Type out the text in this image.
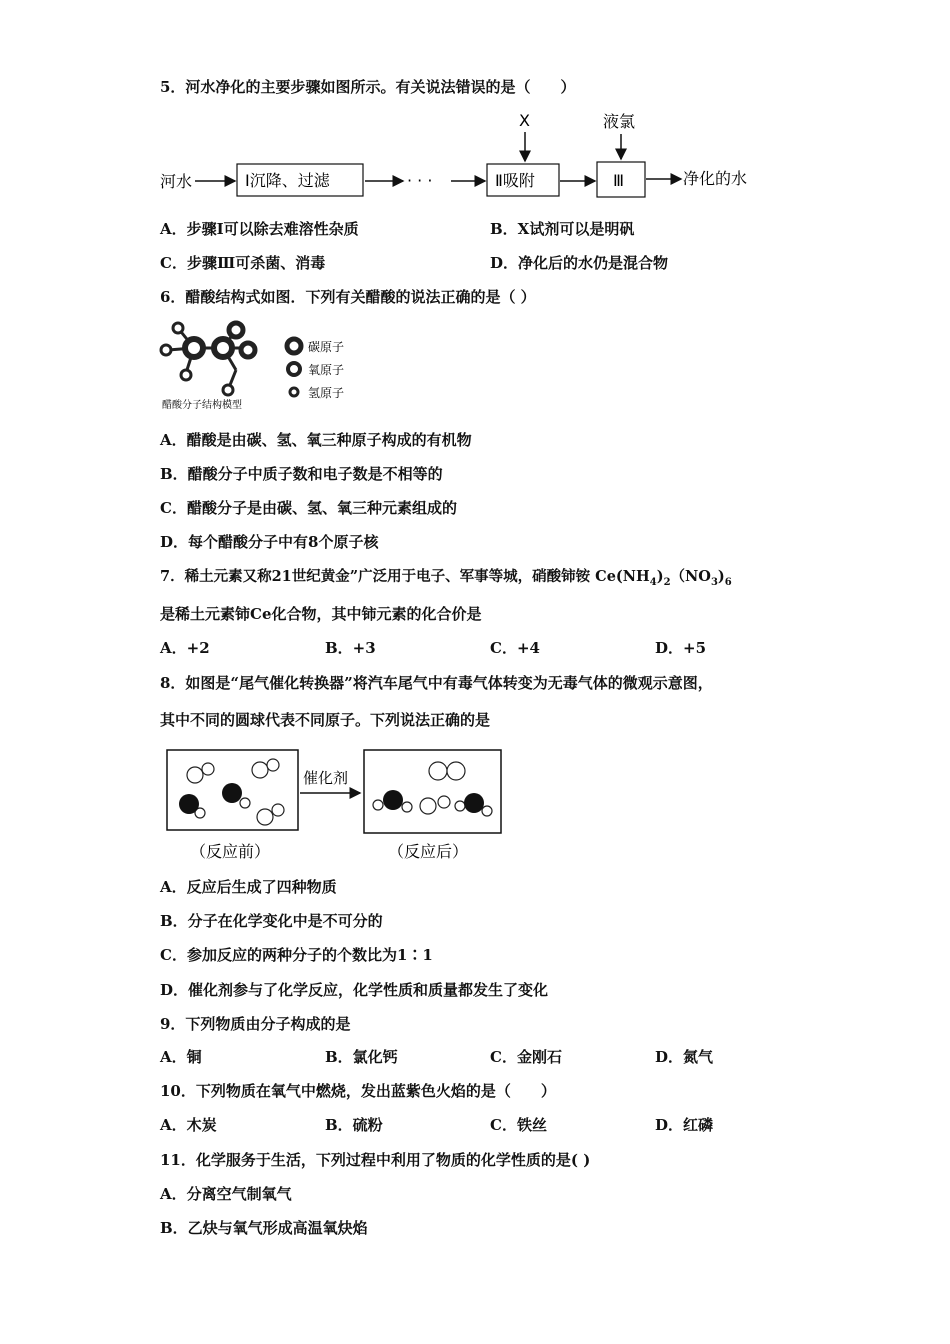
5．河水净化的主要步骤如图所示。有关说法错误的是（　　）
河水	Ⅰ沉降、过滤	· · ·	Ⅱ吸附
X
Ⅲ
液氯
净化的水
A．步骤Ⅰ可以除去难溶性杂质	B．X试剂可以是明矾
C．步骤Ⅲ可杀菌、消毒	D．净化后的水仍是混合物
6．醋酸结构式如图．下列有关醋酸的说法正确的是（ ）
醋酸分子结构模型
碳原子
氧原子
氢原子
A．醋酸是由碳、氢、氧三种原子构成的有机物
B．醋酸分子中质子数和电子数是不相等的
C．醋酸分子是由碳、氢、氧三种元素组成的
D．每个醋酸分子中有8个原子核
7．稀土元素又称21世纪黄金”广泛用于电子、军事等城，硝酸铈铵 $Ce(NH_4)_2(NO_3)_6$
是稀土元素铈Ce化合物，其中铈元素的化合价是
A．+2	B．+3	C．+4	D．+5
8．如图是“尾气催化转换器”将汽车尾气中有毒气体转变为无毒气体的微观示意图，
其中不同的圆球代表不同原子。下列说法正确的是
催化剂
（反应前）	（反应后）
A．反应后生成了四种物质
B．分子在化学变化中是不可分的
C．参加反应的两种分子的个数比为1∶1
D．催化剂参与了化学反应，化学性质和质量都发生了变化
9．下列物质由分子构成的是
A．铜	B．氯化钙	C．金刚石	D．氮气
10．下列物质在氧气中燃烧，发出蓝紫色火焰的是（　　）
A．木炭	B．硫粉	C．铁丝	D．红磷
11．化学服务于生活，下列过程中利用了物质的化学性质的是( )
A．分离空气制氧气
B．乙炔与氧气形成高温氧炔焰
